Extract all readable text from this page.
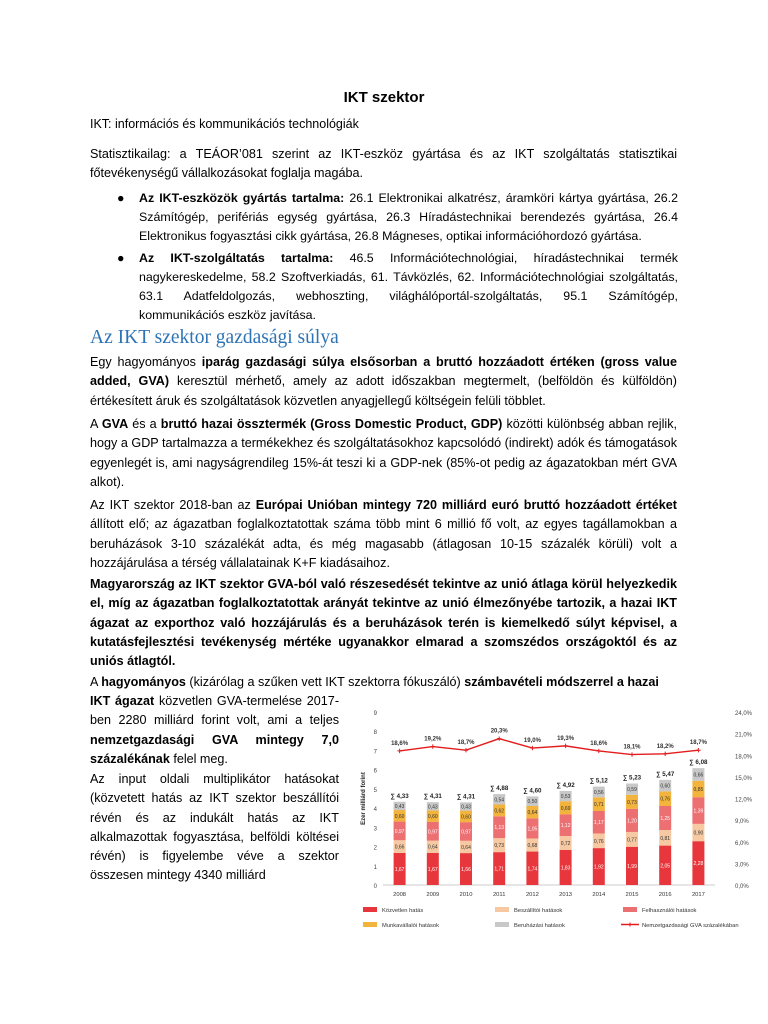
IKT szektor
IKT: információs és kommunikációs technológiák
Statisztikailag: a TEÁOR’081 szerint az IKT-eszköz gyártása és az IKT szolgáltatás statisztikai főtevékenységű vállalkozásokat foglalja magába.
● Az IKT-eszközök gyártás tartalma: 26.1 Elektronikai alkatrész, áramköri kártya gyártása, 26.2 Számítógép, perifériás egység gyártása, 26.3 Híradástechnikai berendezés gyártása, 26.4 Elektronikus fogyasztási cikk gyártása, 26.8 Mágneses, optikai információhordozó gyártása.
● Az IKT-szolgáltatás tartalma: 46.5 Információtechnológiai, híradástechnikai termék nagykereskedelme, 58.2 Szoftverkiadás, 61. Távközlés, 62. Információtechnológiai szolgáltatás, 63.1 Adatfeldolgozás, webhoszting, világhálóportál-szolgáltatás, 95.1 Számítógép, kommunikációs eszköz javítása.
Az IKT szektor gazdasági súlya
Egy hagyományos iparág gazdasági súlya elsősorban a bruttó hozzáadott értéken (gross value added, GVA) keresztül mérhető, amely az adott időszakban megtermelt, (belföldön és külföldön) értékesített áruk és szolgáltatások közvetlen anyagjellegű költségein felüli többlet.
A GVA és a bruttó hazai össztermék (Gross Domestic Product, GDP) közötti különbség abban rejlik, hogy a GDP tartalmazza a termékekhez és szolgáltatásokhoz kapcsolódó (indirekt) adók és támogatások egyenlegét is, ami nagyságrendileg 15%-át teszi ki a GDP-nek (85%-ot pedig az ágazatokban mért GVA alkot).
Az IKT szektor 2018-ban az Európai Unióban mintegy 720 milliárd euró bruttó hozzáadott értéket állított elő; az ágazatban foglalkoztatottak száma több mint 6 millió fő volt, az egyes tagállamokban a beruházások 3-10 százalékát adta, és még magasabb (átlagosan 10-15 százalék körüli) volt a hozzájárulása a térség vállalatainak K+F kiadásaihoz.
Magyarország az IKT szektor GVA-ból való részesedését tekintve az unió átlaga körül helyezkedik el, míg az ágazatban foglalkoztatottak arányát tekintve az unió élmezőnyébe tartozik, a hazai IKT ágazat az exporthoz való hozzájárulás és a beruházások terén is kiemelkedő súlyt képvisel, a kutatásfejlesztési tevékenység mértéke ugyanakkor elmarad a szomszédos országoktól és az uniós átlagtól.
A hagyományos (kizárólag a szűken vett IKT szektorra fókuszáló) számbavételi módszerrel a hazai
IKT ágazat közvetlen GVA-termelése 2017-ben 2280 milliárd forint volt, ami a teljes nemzetgazdasági GVA mintegy 7,0 százalékának felel meg.
Az input oldali multiplikátor hatásokat (közvetett hatás az IKT szektor beszállítói révén és az indukált hatás az IKT alkalmazottak fogyasztása, belföldi költései révén) is figyelembe véve a szektor összesen mintegy 4340 milliárd
0
1
2
3
4
5
6
7
8
9
0,0%
3,0%
6,0%
9,0%
12,0%
15,0%
18,0%
21,0%
24,0%
Ezer milliárd forint
1,67
0,66
0,97
0,60
0,43
∑ 4,33
2008
1,67
0,64
0,97
0,60
0,43
∑ 4,31
2009
1,66
0,64
0,97
0,60
0,43
∑ 4,31
2010
1,71
0,73
1,13
0,62
0,54
∑ 4,88
2011
1,74
0,68
1,05
0,64
0,50
∑ 4,60
2012
1,83
0,72
1,12
0,69
0,53
∑ 4,92
2013
1,92
0,76
1,17
0,71
0,56
∑ 5,12
2014
1,99
0,77
1,20
0,73
0,59
∑ 5,23
2015
2,05
0,81
1,25
0,76
0,60
∑ 5,47
2016
2,28
0,90
1,39
0,85
0,66
∑ 6,08
2017
18,6%
19,2%
18,7%
20,3%
19,0%	19,3%
18,6%
18,1%	18,2%
18,7%
Közvetlen hatás	Beszállítói hatások	Felhasználói hatások
Munkavállalói hatások	Beruházási hatások	Nemzetgazdasági GVA százalékában
